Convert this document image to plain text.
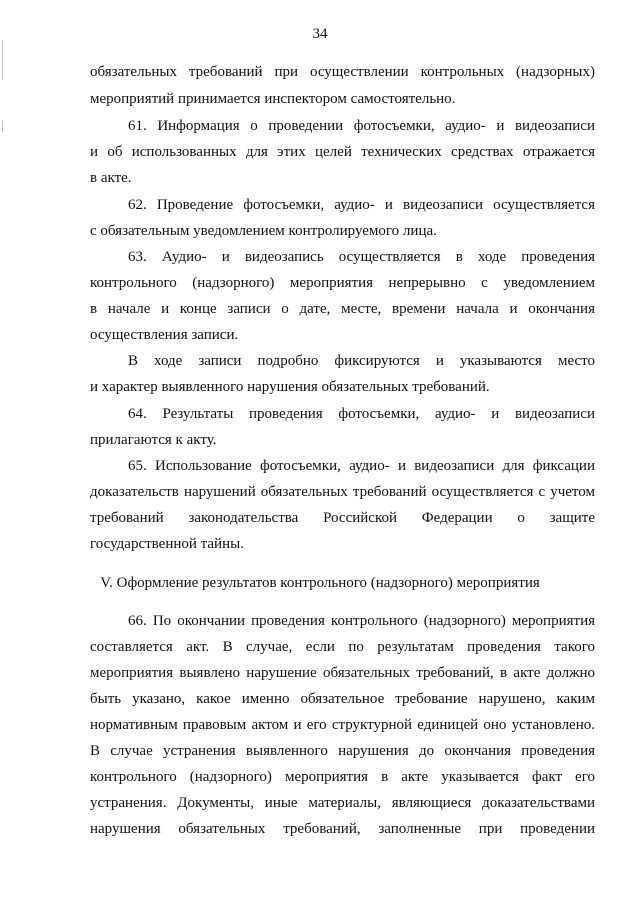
34
обязательных требований при осуществлении контрольных (надзорных)
мероприятий принимается инспектором самостоятельно.
61. Информация о проведении фотосъемки, аудио- и видеозаписи
и об использованных для этих целей технических средствах отражается
в акте.
62. Проведение фотосъемки, аудио- и видеозаписи осуществляется
с обязательным уведомлением контролируемого лица.
63. Аудио- и видеозапись осуществляется в ходе проведения
контрольного (надзорного) мероприятия непрерывно с уведомлением
в начале и конце записи о дате, месте, времени начала и окончания
осуществления записи.
В ходе записи подробно фиксируются и указываются место
и характер выявленного нарушения обязательных требований.
64. Результаты проведения фотосъемки, аудио- и видеозаписи
прилагаются к акту.
65. Использование фотосъемки, аудио- и видеозаписи для фиксации
доказательств нарушений обязательных требований осуществляется с учетом
требований законодательства Российской Федерации о защите
государственной тайны.
V. Оформление результатов контрольного (надзорного) мероприятия
66. По окончании проведения контрольного (надзорного) мероприятия
составляется акт. В случае, если по результатам проведения такого
мероприятия выявлено нарушение обязательных требований, в акте должно
быть указано, какое именно обязательное требование нарушено, каким
нормативным правовым актом и его структурной единицей оно установлено.
В случае устранения выявленного нарушения до окончания проведения
контрольного (надзорного) мероприятия в акте указывается факт его
устранения. Документы, иные материалы, являющиеся доказательствами
нарушения обязательных требований, заполненные при проведении
